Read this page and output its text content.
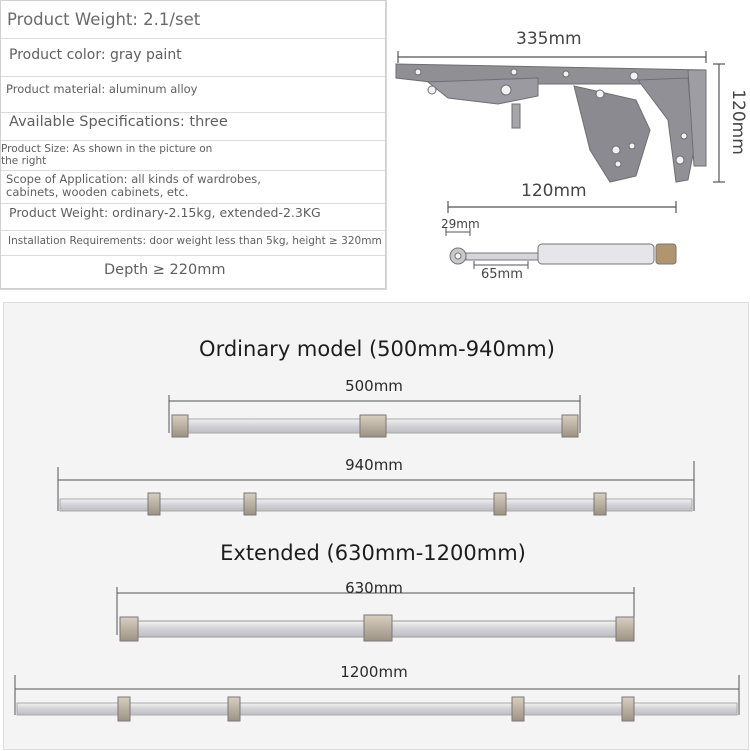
Product Weight: 2.1/set
Product color: gray paint
Product material: aluminum alloy
Available Specifications: three
Product Size: As shown in the picture on the right
Scope of Application: all kinds of wardrobes, cabinets, wooden cabinets, etc.
Product Weight: ordinary-2.15kg, extended-2.3KG
Installation Requirements: door weight less than 5kg, height ≥ 320mm
Depth ≥ 220mm
335mm
120mm
120mm
29mm
65mm
Ordinary model (500mm-940mm)
500mm
940mm
Extended (630mm-1200mm)
630mm
1200mm
